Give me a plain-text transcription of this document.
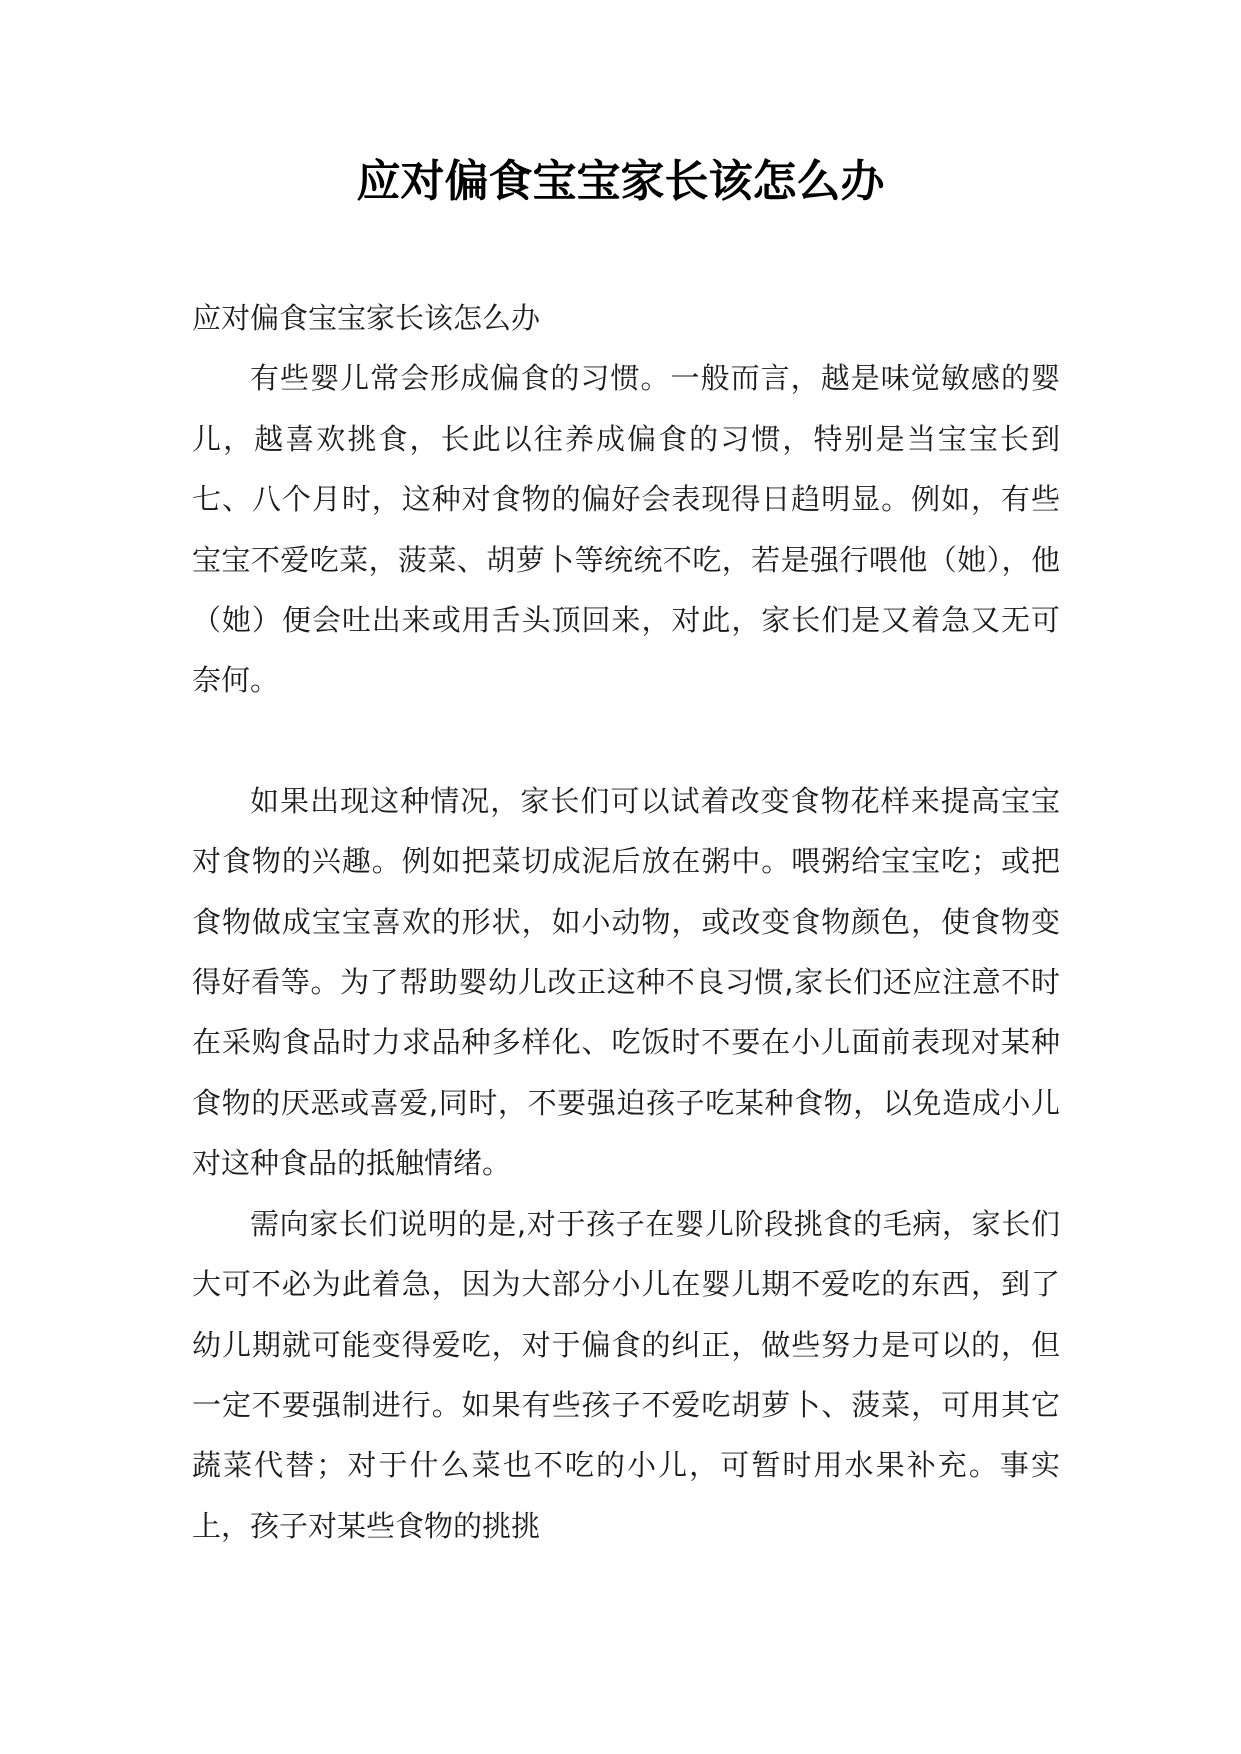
应对偏食宝宝家长该怎么办

应对偏食宝宝家长该怎么办

有些婴儿常会形成偏食的习惯。一般而言，越是味觉敏感的婴儿，越喜欢挑食，长此以往养成偏食的习惯，特别是当宝宝长到七、八个月时，这种对食物的偏好会表现得日趋明显。例如，有些宝宝不爱吃菜，菠菜、胡萝卜等统统不吃，若是强行喂他（她），他（她）便会吐出来或用舌头顶回来，对此，家长们是又着急又无可奈何。

如果出现这种情况，家长们可以试着改变食物花样来提高宝宝对食物的兴趣。例如把菜切成泥后放在粥中。喂粥给宝宝吃；或把食物做成宝宝喜欢的形状，如小动物，或改变食物颜色，使食物变得好看等。为了帮助婴幼儿改正这种不良习惯,家长们还应注意不时在采购食品时力求品种多样化、吃饭时不要在小儿面前表现对某种食物的厌恶或喜爱,同时，不要强迫孩子吃某种食物，以免造成小儿对这种食品的抵触情绪。

需向家长们说明的是,对于孩子在婴儿阶段挑食的毛病，家长们大可不必为此着急，因为大部分小儿在婴儿期不爱吃的东西，到了幼儿期就可能变得爱吃，对于偏食的纠正，做些努力是可以的，但一定不要强制进行。如果有些孩子不爱吃胡萝卜、菠菜，可用其它蔬菜代替；对于什么菜也不吃的小儿，可暂时用水果补充。事实上，孩子对某些食物的挑挑
